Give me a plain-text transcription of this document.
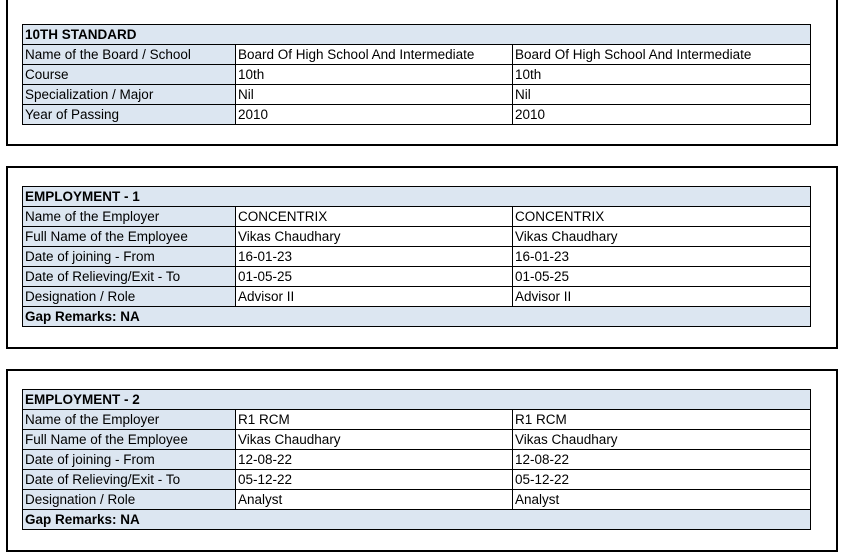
10TH STANDARD		
Name of the Board / School	Board Of High School And Intermediate	Board Of High School And Intermediate
Course	10th	10th
Specialization / Major	Nil	Nil
Year of Passing	2010	2010
EMPLOYMENT - 1		
Name of the Employer	CONCENTRIX	CONCENTRIX
Full Name of the Employee	Vikas Chaudhary	Vikas Chaudhary
Date of joining - From	16-01-23	16-01-23
Date of Relieving/Exit - To	01-05-25	01-05-25
Designation / Role	Advisor II	Advisor II
Gap Remarks: NA		
EMPLOYMENT - 2		
Name of the Employer	R1 RCM	R1 RCM
Full Name of the Employee	Vikas Chaudhary	Vikas Chaudhary
Date of joining - From	12-08-22	12-08-22
Date of Relieving/Exit - To	05-12-22	05-12-22
Designation / Role	Analyst	Analyst
Gap Remarks: NA		
